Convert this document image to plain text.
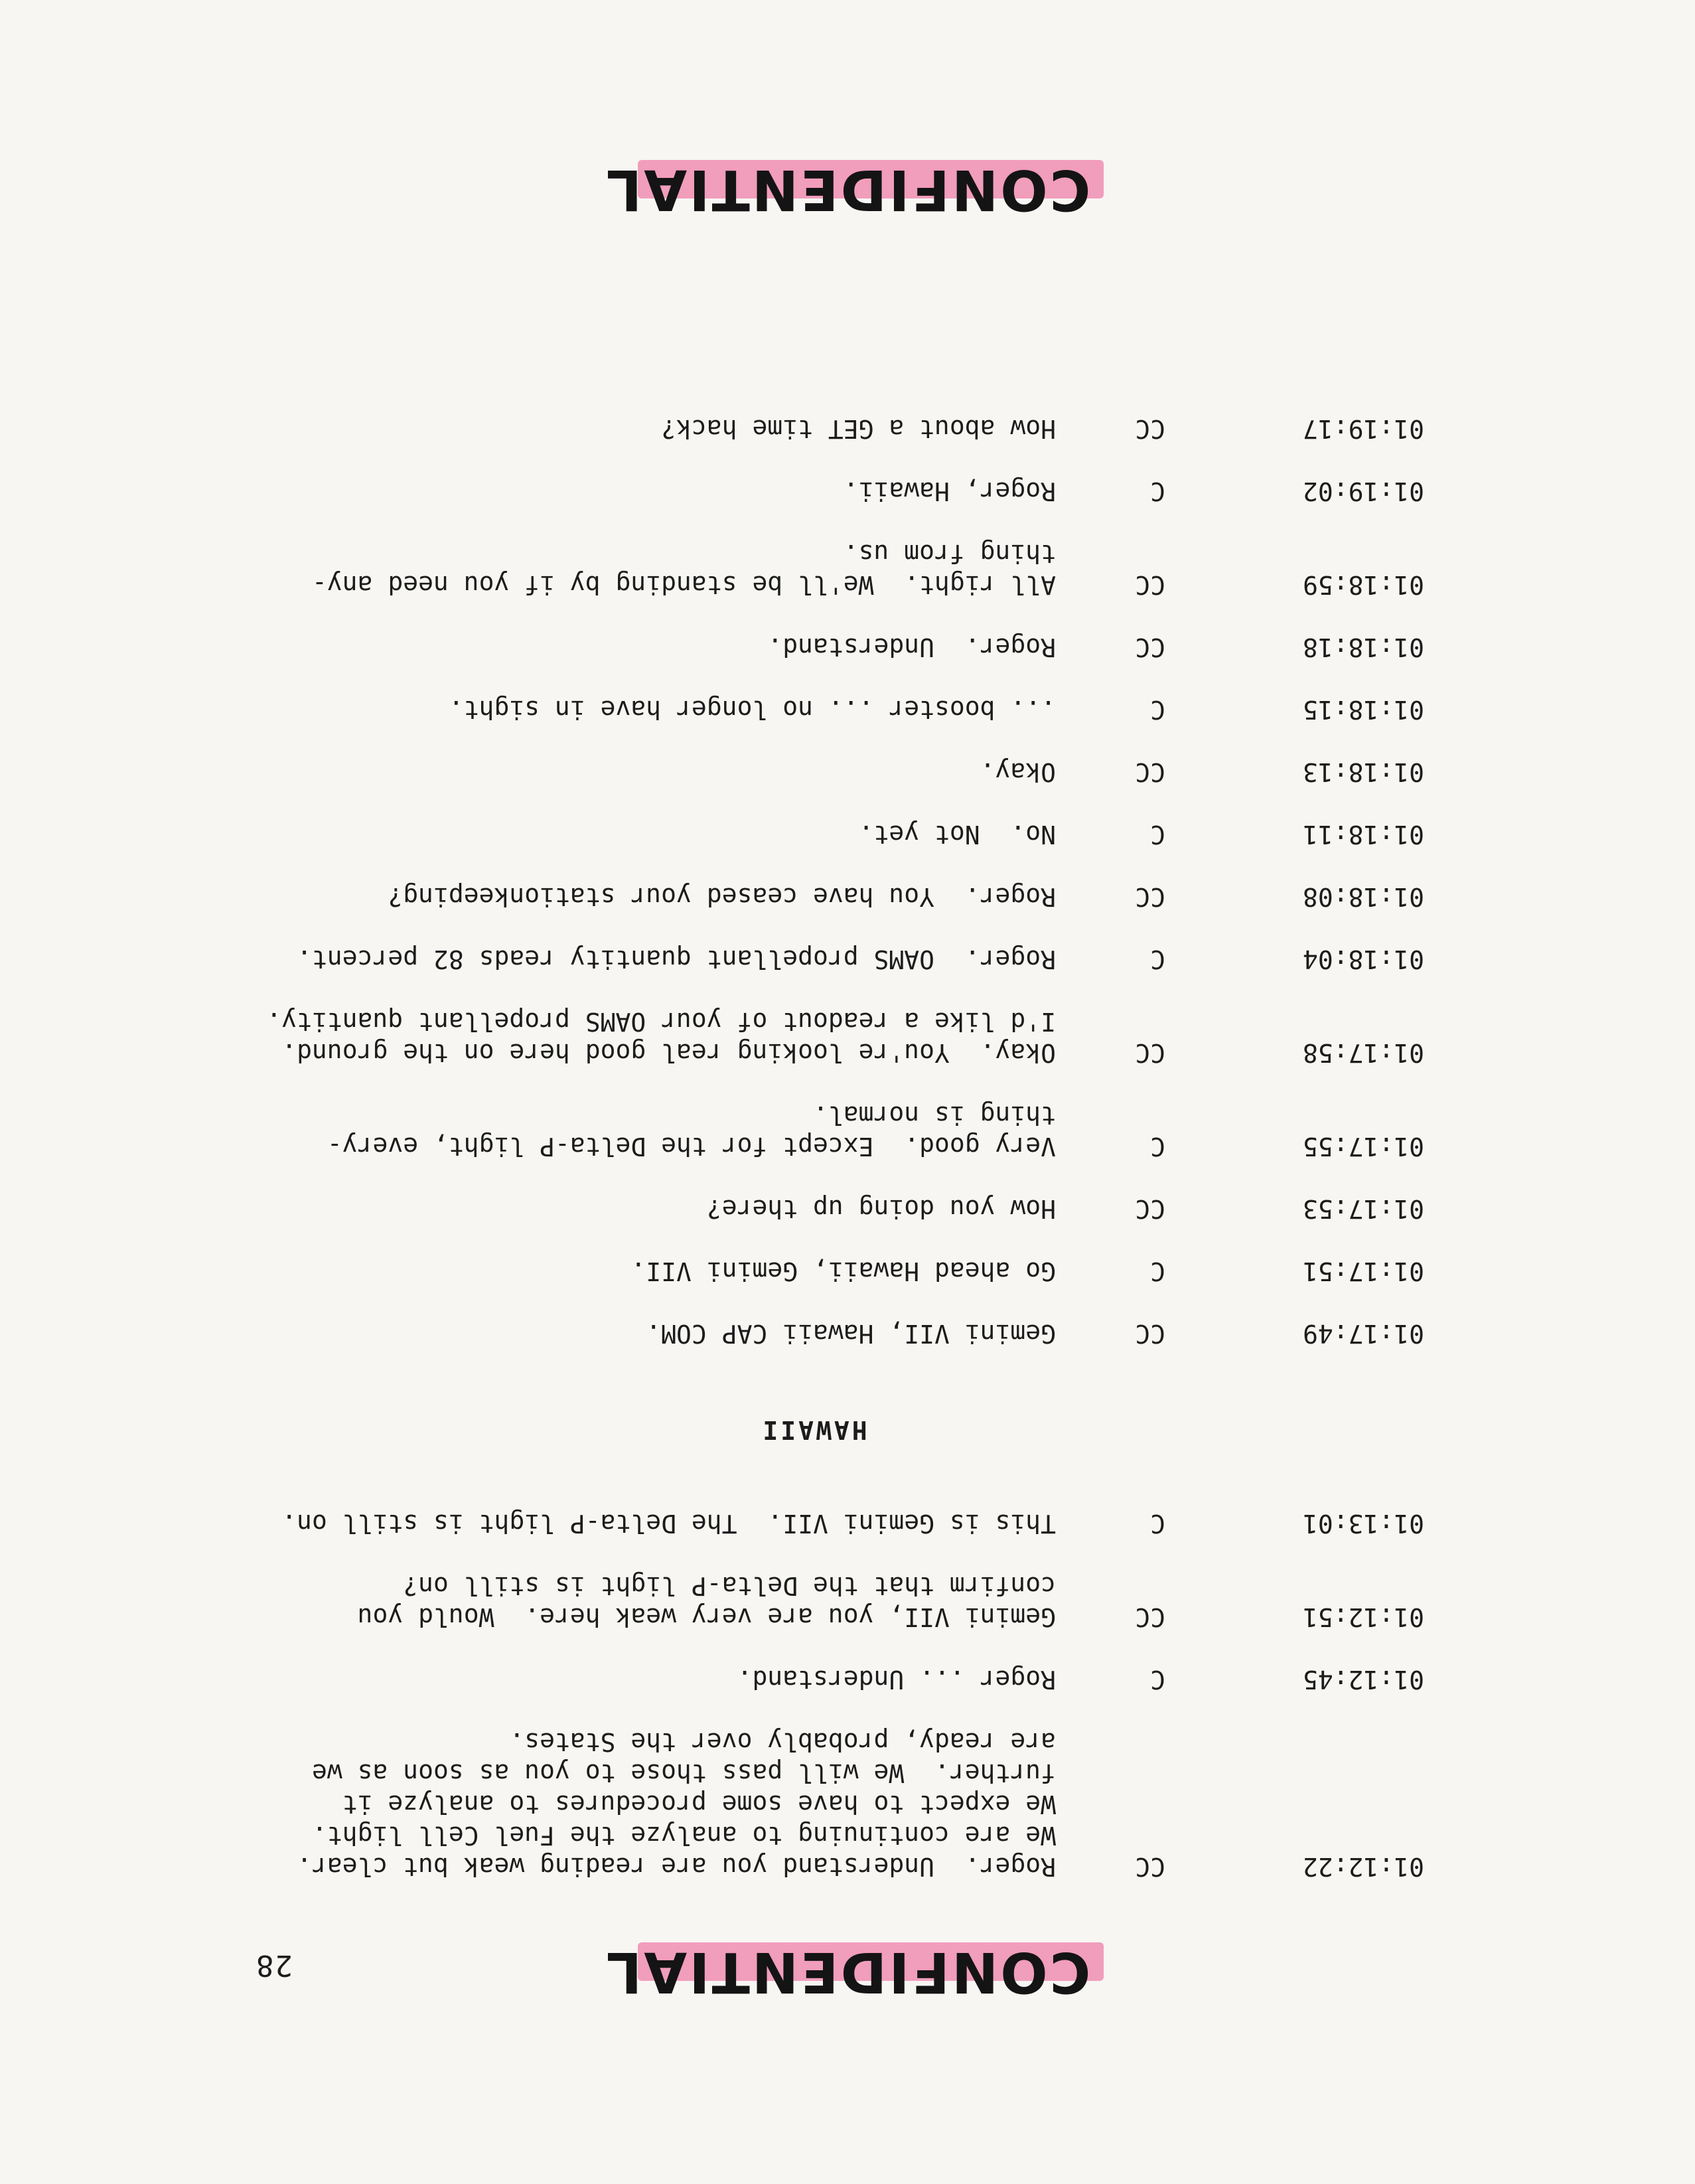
28	CONFIDENTIAL
01:12:22
CC
Roger.  Understand you are reading weak but clear.
We are continuing to analyze the Fuel Cell light.
We expect to have some procedures to analyze it
further.  We will pass those to you as soon as we
are ready, probably over the States.
01:12:45
C
Roger ... Understand.
01:12:51
CC
Gemini VII, you are very weak here.  Would you
confirm that the Delta-P light is still on?
01:13:01
C
This is Gemini VII.  The Delta-P light is still on.
HAWAII
01:17:49
CC
Gemini VII, Hawaii CAP COM.
01:17:51
C
Go ahead Hawaii, Gemini VII.
01:17:53
CC
How you doing up there?
01:17:55
C
Very good.  Except for the Delta-P light, every-
thing is normal.
01:17:58
CC
Okay.  You're looking real good here on the ground.
I'd like a readout of your OAMS propellant quantity.
01:18:04
C
Roger.  OAMS propellant quantity reads 82 percent.
01:18:08
CC
Roger.  You have ceased your stationkeeping?
01:18:11
C
No.  Not yet.
01:18:13
CC
Okay.
01:18:15
C
... booster ... no longer have in sight.
01:18:18
CC
Roger.  Understand.
01:18:59
CC
All right.  We'll be standing by if you need any-
thing from us.
01:19:02
C
Roger, Hawaii.
01:19:17
CC
How about a GET time hack?
CONFIDENTIAL
